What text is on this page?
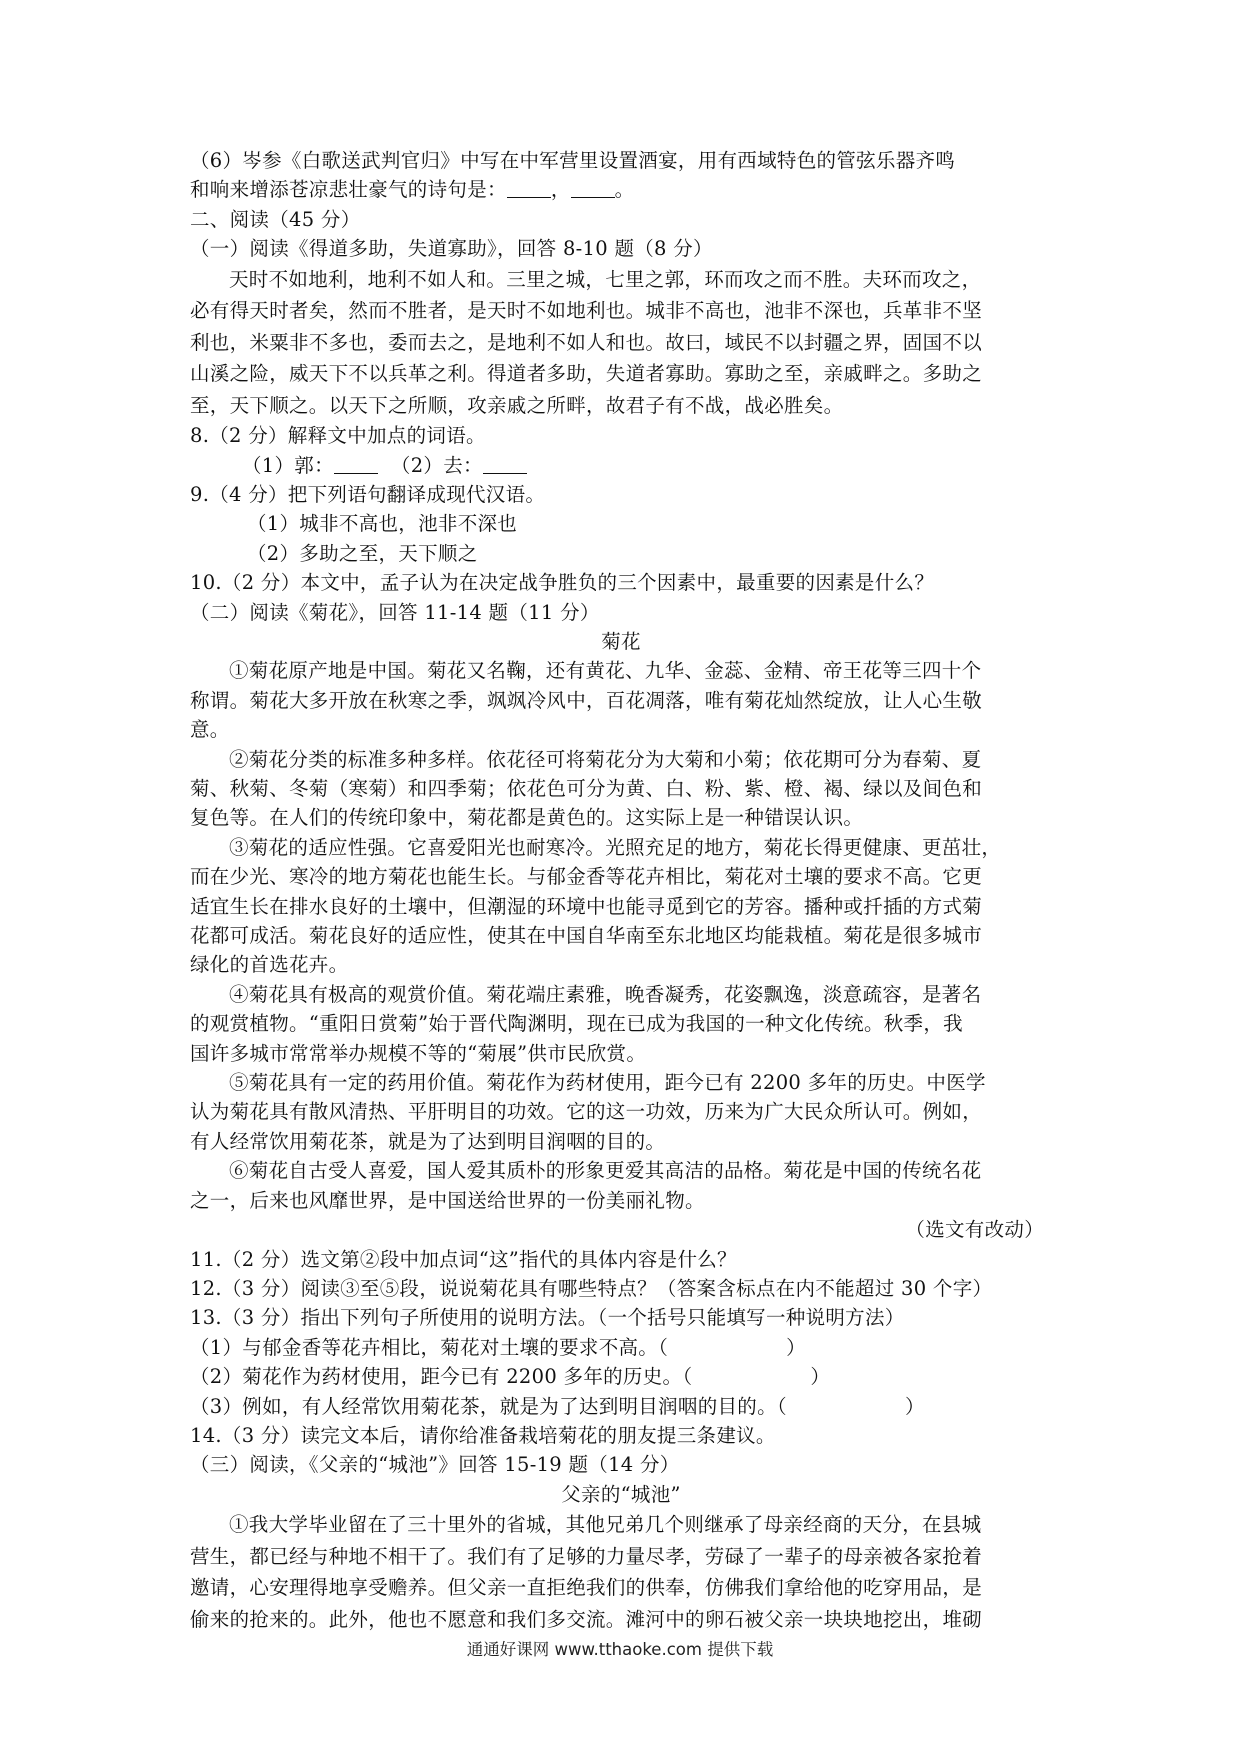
（6）岑参《白歌送武判官归》中写在中军营里设置酒宴，用有西域特色的管弦乐器齐鸣

和响来增添苍凉悲壮豪气的诗句是： ， 。

二、阅读（45 分）

（一）阅读《得道多助，失道寡助》，回答 8-10 题（8 分）

天时不如地利，地利不如人和。三里之城，七里之郭，环而攻之而不胜。夫环而攻之，

必有得天时者矣，然而不胜者，是天时不如地利也。城非不高也，池非不深也，兵革非不坚

利也，米粟非不多也，委而去之，是地利不如人和也。故曰，域民不以封疆之界，固国不以

山溪之险，威天下不以兵革之利。得道者多助，失道者寡助。寡助之至，亲戚畔之。多助之

至，天下顺之。以天下之所顺，攻亲戚之所畔，故君子有不战，战必胜矣。

8.（2 分）解释文中加点的词语。

（1）郭：	（2）去：

9.（4 分）把下列语句翻译成现代汉语。

（1）城非不高也，池非不深也

（2）多助之至，天下顺之

10.（2 分）本文中，孟子认为在决定战争胜负的三个因素中，最重要的因素是什么？

（二）阅读《菊花》，回答 11-14 题（11 分）

菊花

①菊花原产地是中国。菊花又名鞠，还有黄花、九华、金蕊、金精、帝王花等三四十个

称谓。菊花大多开放在秋寒之季，飒飒冷风中，百花凋落，唯有菊花灿然绽放，让人心生敬

意。

②菊花分类的标准多种多样。依花径可将菊花分为大菊和小菊；依花期可分为春菊、夏

菊、秋菊、冬菊（寒菊）和四季菊；依花色可分为黄、白、粉、紫、橙、褐、绿以及间色和

复色等。在人们的传统印象中，菊花都是黄色的。这实际上是一种错误认识。

③菊花的适应性强。它喜爱阳光也耐寒冷。光照充足的地方，菊花长得更健康、更茁壮，

而在少光、寒冷的地方菊花也能生长。与郁金香等花卉相比，菊花对土壤的要求不高。它更

适宜生长在排水良好的土壤中，但潮湿的环境中也能寻觅到它的芳容。播种或扦插的方式菊

花都可成活。菊花良好的适应性，使其在中国自华南至东北地区均能栽植。菊花是很多城市

绿化的首选花卉。

④菊花具有极高的观赏价值。菊花端庄素雅，晚香凝秀，花姿飘逸，淡意疏容，是著名

的观赏植物。“重阳日赏菊”始于晋代陶渊明，现在已成为我国的一种文化传统。秋季，我

国许多城市常常举办规模不等的“菊展”供市民欣赏。

⑤菊花具有一定的药用价值。菊花作为药材使用，距今已有 2200 多年的历史。中医学

认为菊花具有散风清热、平肝明目的功效。它的这一功效，历来为广大民众所认可。例如，

有人经常饮用菊花茶，就是为了达到明目润咽的目的。

⑥菊花自古受人喜爱，国人爱其质朴的形象更爱其高洁的品格。菊花是中国的传统名花

之一，后来也风靡世界，是中国送给世界的一份美丽礼物。

（选文有改动）

11.（2 分）选文第②段中加点词“这”指代的具体内容是什么？

12.（3 分）阅读③至⑤段，说说菊花具有哪些特点？（答案含标点在内不能超过 30 个字）

13.（3 分）指出下列句子所使用的说明方法。（一个括号只能填写一种说明方法）

（1）与郁金香等花卉相比，菊花对土壤的要求不高。（	）

（2）菊花作为药材使用，距今已有 2200 多年的历史。（	）

（3）例如，有人经常饮用菊花茶，就是为了达到明目润咽的目的。（	）

14.（3 分）读完文本后，请你给准备栽培菊花的朋友提三条建议。

（三）阅读，《父亲的“城池”》回答 15-19 题（14 分）

父亲的“城池”

①我大学毕业留在了三十里外的省城，其他兄弟几个则继承了母亲经商的天分，在县城

营生，都已经与种地不相干了。我们有了足够的力量尽孝，劳碌了一辈子的母亲被各家抢着

邀请，心安理得地享受赡养。但父亲一直拒绝我们的供奉，仿佛我们拿给他的吃穿用品，是

偷来的抢来的。此外，他也不愿意和我们多交流。滩河中的卵石被父亲一块块地挖出，堆砌

通通好课网 www.tthaoke.com 提供下载
